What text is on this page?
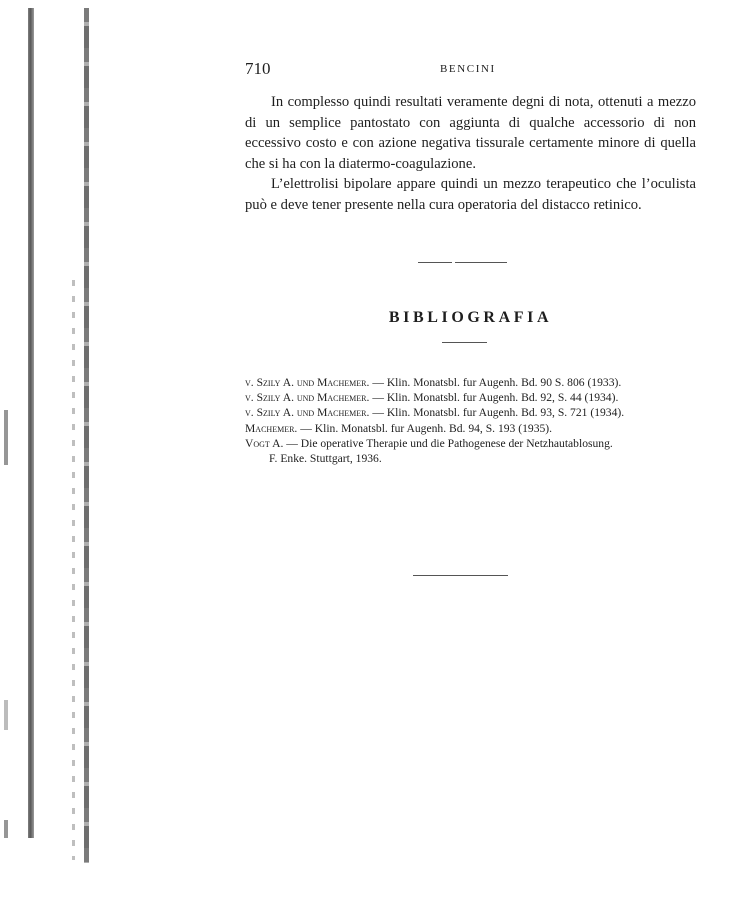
710	BENCINI

In complesso quindi resultati veramente degni di nota, ottenuti a mezzo di un semplice pantostato con aggiunta di qualche accessorio di non eccessivo costo e con azione negativa tissurale certamente minore di quella che si ha con la diatermo-coagulazione.

L’elettrolisi bipolare appare quindi un mezzo terapeutico che l’oculista può e deve tener presente nella cura operatoria del distacco retinico.

BIBLIOGRAFIA
v. Szily A. und Machemer. — Klin. Monatsbl. fur Augenh. Bd. 90 S. 806 (1933).
v. Szily A. und Machemer. — Klin. Monatsbl. fur Augenh. Bd. 92, S. 44 (1934).
v. Szily A. und Machemer. — Klin. Monatsbl. fur Augenh. Bd. 93, S. 721 (1934).
Machemer. — Klin. Monatsbl. fur Augenh. Bd. 94, S. 193 (1935).
Vogt A. — Die operative Therapie und die Pathogenese der Netzhautablosung.
F. Enke. Stuttgart, 1936.
